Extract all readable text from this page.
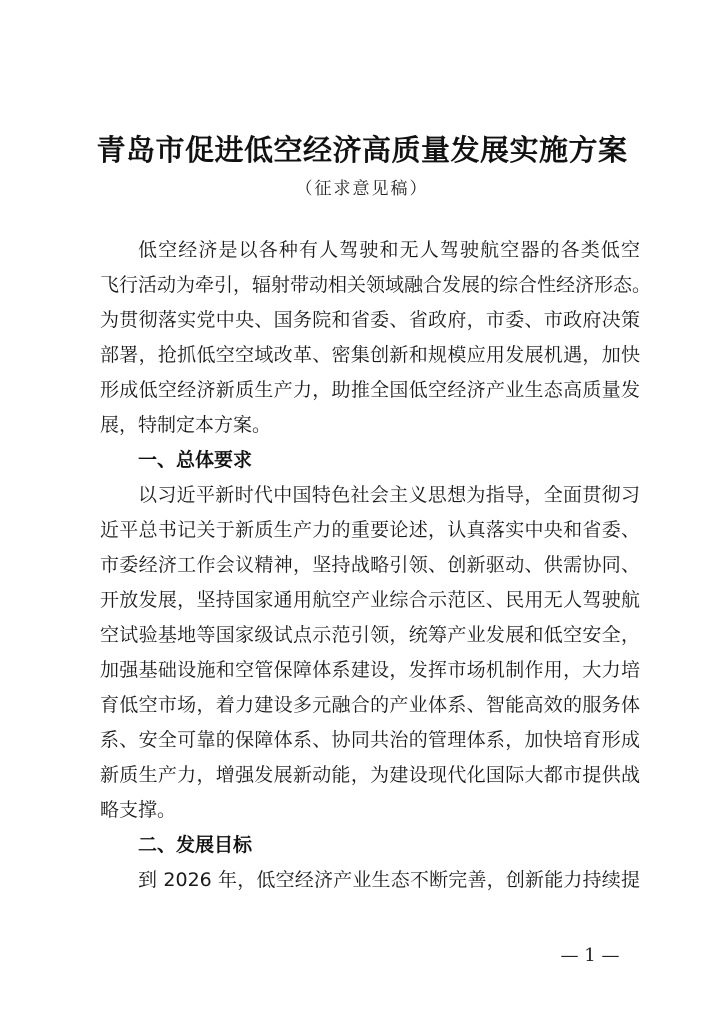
青岛市促进低空经济高质量发展实施方案
（征求意见稿）
低空经济是以各种有人驾驶和无人驾驶航空器的各类低空
飞行活动为牵引，辐射带动相关领域融合发展的综合性经济形态。
为贯彻落实党中央、国务院和省委、省政府，市委、市政府决策
部署，抢抓低空空域改革、密集创新和规模应用发展机遇，加快
形成低空经济新质生产力，助推全国低空经济产业生态高质量发
展，特制定本方案。
一、总体要求
以习近平新时代中国特色社会主义思想为指导，全面贯彻习
近平总书记关于新质生产力的重要论述，认真落实中央和省委、
市委经济工作会议精神，坚持战略引领、创新驱动、供需协同、
开放发展，坚持国家通用航空产业综合示范区、民用无人驾驶航
空试验基地等国家级试点示范引领，统筹产业发展和低空安全，
加强基础设施和空管保障体系建设，发挥市场机制作用，大力培
育低空市场，着力建设多元融合的产业体系、智能高效的服务体
系、安全可靠的保障体系、协同共治的管理体系，加快培育形成
新质生产力，增强发展新动能，为建设现代化国际大都市提供战
略支撑。
二、发展目标
到 2026 年，低空经济产业生态不断完善，创新能力持续提
— 1 —
